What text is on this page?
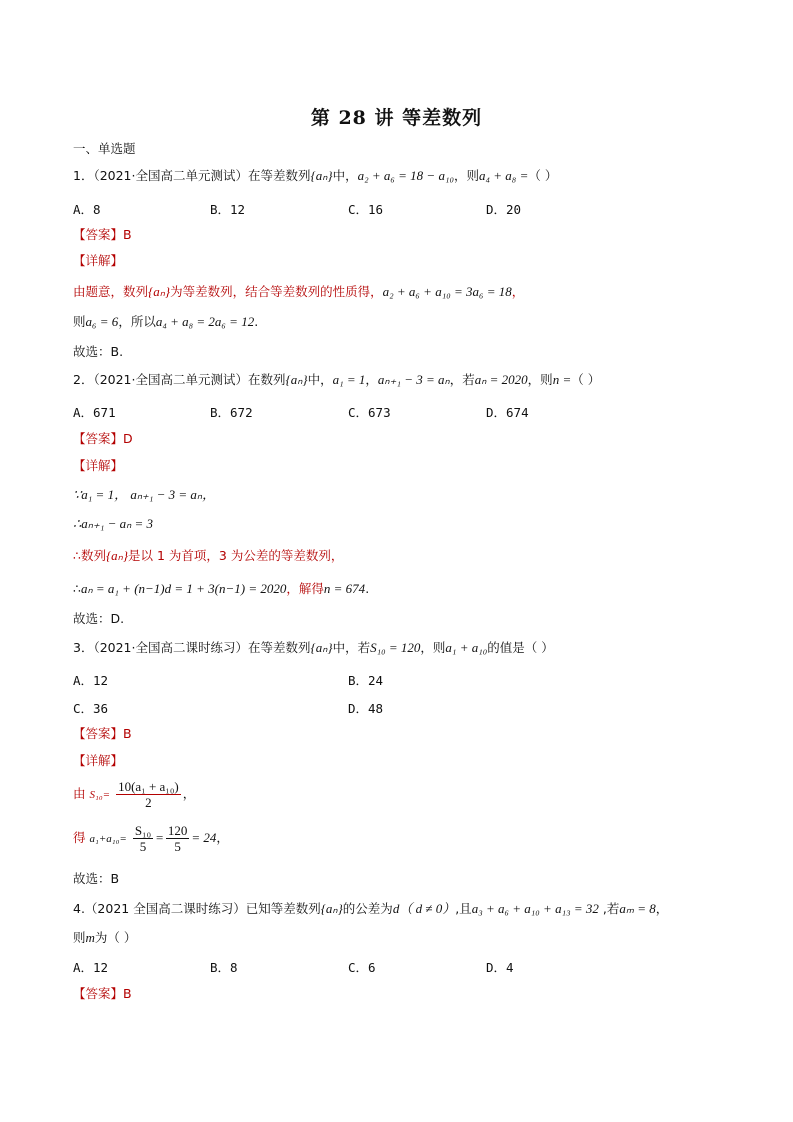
第 28 讲 等差数列
一、单选题
1．（2021·全国高二单元测试）在等差数列{aₙ}中，a₂ + a₆ = 18 − a₁₀，则a₄ + a₈ =（ ）
A．8	B．12	C．16	D．20
【答案】B
【详解】
由题意，数列{aₙ}为等差数列，结合等差数列的性质得，a₂ + a₆ + a₁₀ = 3a₆ = 18，
则a₆ = 6，所以a₄ + a₈ = 2a₆ = 12.
故选：B.
2．（2021·全国高二单元测试）在数列{aₙ}中，a₁ = 1，aₙ₊₁ − 3 = aₙ，若aₙ = 2020，则n =（ ）
A．671	B．672	C．673	D．674
【答案】D
【详解】
∵a₁ = 1， aₙ₊₁ − 3 = aₙ，
∴aₙ₊₁ − aₙ = 3
∴数列{aₙ}是以 1 为首项，3 为公差的等差数列，
∴aₙ = a₁ + (n−1)d = 1 + 3(n−1) = 2020，解得n = 674.
故选：D.
3．（2021·全国高二课时练习）在等差数列{aₙ}中，若S₁₀ = 120，则a₁ + a₁₀的值是（ ）
A．12	B．24
C．36	D．48
【答案】B
【详解】
由 $S_{10}= \frac{\text{10(a₁ + a₁₀)}}{2}$ ，
得 $a_1+a_{10}= \frac{\text{S₁₀}}{5} = \frac{120}{5} = 24$，
故选：B
4.（2021 全国高二课时练习）已知等差数列{aₙ}的公差为d（ d ≠ 0）,且a₃ + a₆ + a₁₀ + a₁₃ = 32 ,若aₘ = 8，
则m为（ ）
A．12	B．8	C．6	D．4
【答案】B
